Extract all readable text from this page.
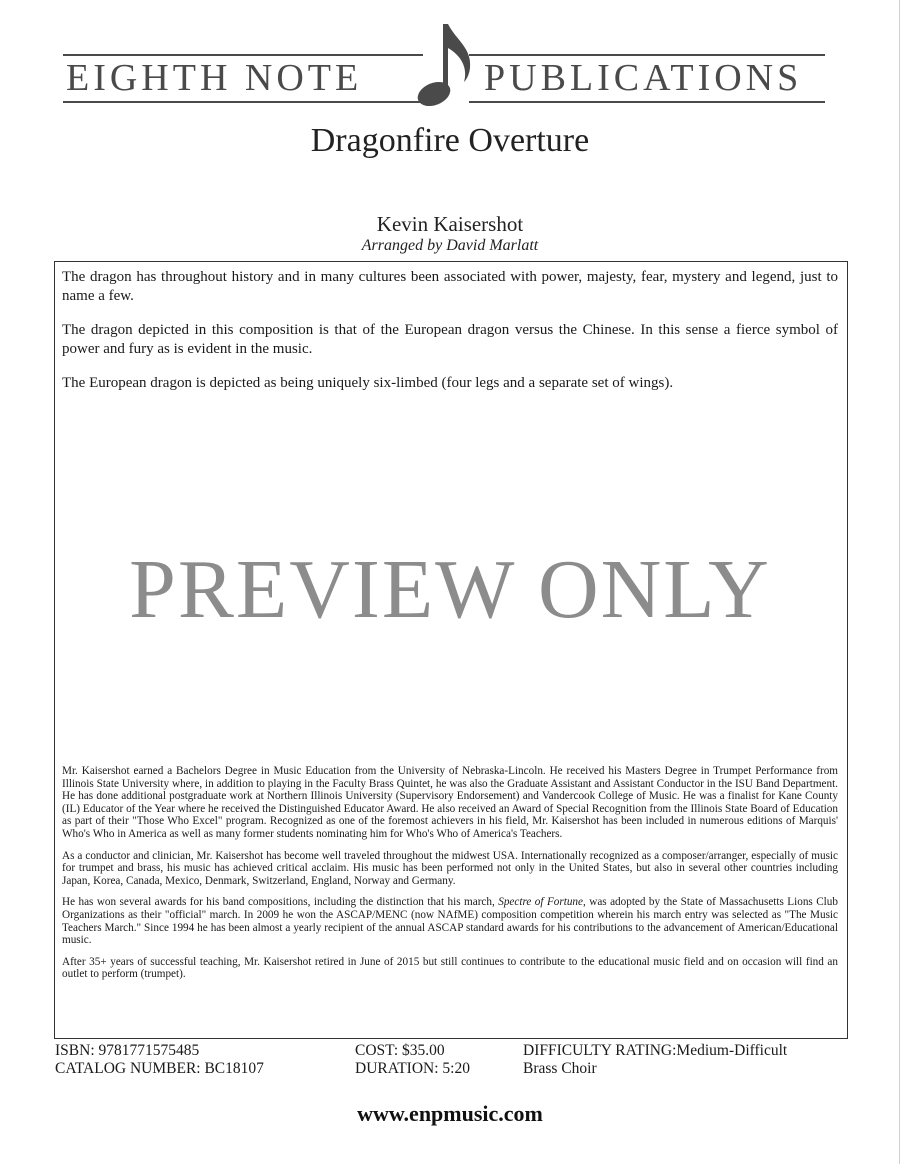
EIGHTH NOTE	PUBLICATIONS
Dragonfire Overture
Kevin Kaisershot
Arranged by David Marlatt

The dragon has throughout history and in many cultures been associated with power, majesty, fear, mystery and legend, just to name a few.

The dragon depicted in this composition is that of the European dragon versus the Chinese. In this sense a fierce symbol of power and fury as is evident in the music.

The European dragon is depicted as being uniquely six-limbed (four legs and a separate set of wings).

PREVIEW ONLY

Mr. Kaisershot earned a Bachelors Degree in Music Education from the University of Nebraska-Lincoln. He received his Masters Degree in Trumpet Performance from Illinois State University where, in addition to playing in the Faculty Brass Quintet, he was also the Graduate Assistant and Assistant Conductor in the ISU Band Department. He has done additional postgraduate work at Northern Illinois University (Supervisory Endorsement) and Vandercook College of Music. He was a finalist for Kane County (IL) Educator of the Year where he received the Distinguished Educator Award. He also received an Award of Special Recognition from the Illinois State Board of Education as part of their "Those Who Excel" program. Recognized as one of the foremost achievers in his field, Mr. Kaisershot has been included in numerous editions of Marquis' Who's Who in America as well as many former students nominating him for Who's Who of America's Teachers.

As a conductor and clinician, Mr. Kaisershot has become well traveled throughout the midwest USA. Internationally recognized as a composer/arranger, especially of music for trumpet and brass, his music has achieved critical acclaim. His music has been performed not only in the United States, but also in several other countries including Japan, Korea, Canada, Mexico, Denmark, Switzerland, England, Norway and Germany.

He has won several awards for his band compositions, including the distinction that his march, Spectre of Fortune, was adopted by the State of Massachusetts Lions Club Organizations as their "official" march. In 2009 he won the ASCAP/MENC (now NAfME) composition competition wherein his march entry was selected as "The Music Teachers March." Since 1994 he has been almost a yearly recipient of the annual ASCAP standard awards for his contributions to the advancement of American/Educational music.

After 35+ years of successful teaching, Mr. Kaisershot retired in June of 2015 but still continues to contribute to the educational music field and on occasion will find an outlet to perform (trumpet).

ISBN: 9781771575485
CATALOG NUMBER: BC18107
COST: $35.00
DURATION: 5:20
DIFFICULTY RATING:Medium-Difficult
Brass Choir
www.enpmusic.com
